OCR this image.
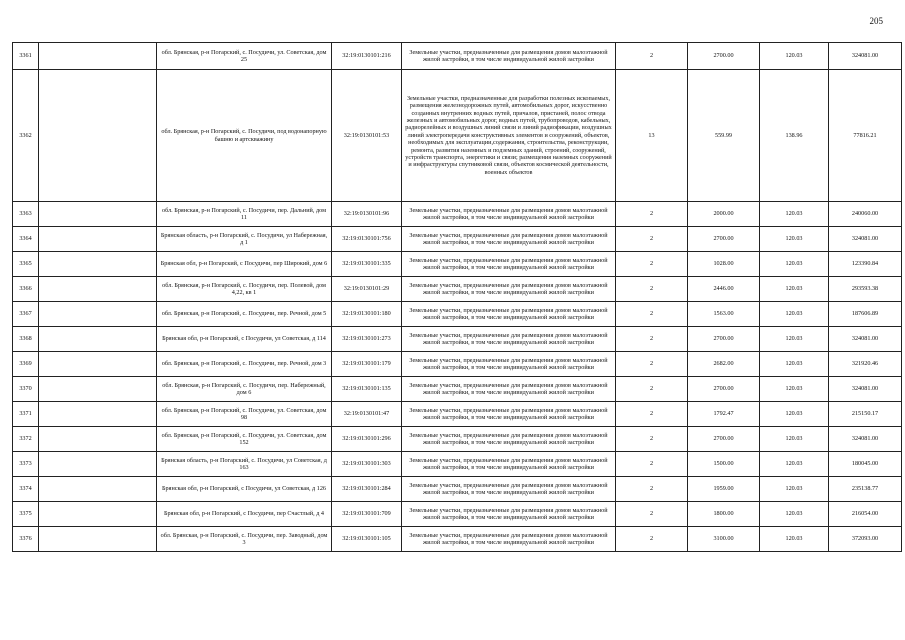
205
3361		обл. Брянская, р-н Погарский, с. Посудичи, ул. Советская, дом 25	32:19:0130101:216	Земельные участки, предназначенные для размещения домов малоэтажной жилой застройки, в том числе индивидуальной жилой застройки	2	2700.00	120.03	324081.00
3362		обл. Брянская, р-н Погарский, с. Посудичи, под водонапорную башню и артскважину	32:19:0130101:53	Земельные участки, предназначенные для разработки полезных ископаемых, размещения железнодорожных путей, автомобильных дорог, искусственно созданных внутренних водных путей, причалов, пристаней, полос отвода железных и автомобильных дорог, водных путей, трубопроводов, кабельных, радиорелейных и воздушных линий связи и линий радиофикации, воздушных линий электропередачи конструктивных элементов и сооружений, объектов, необходимых для эксплуатации,содержания, строительства, реконструкции, ремонта, развития наземных и подземных зданий, строений, сооружений, устройств транспорта, энергетики и связи; размещения наземных сооружений и инфраструктуры спутниковой связи, объектов космической деятельности, военных объектов	13	559.99	138.96	77816.21
3363		обл. Брянская, р-н Погарский, с. Посудичи, пер. Дальний, дом 11	32:19:0130101:96	Земельные участки, предназначенные для размещения домов малоэтажной жилой застройки, в том числе индивидуальной жилой застройки	2	2000.00	120.03	240060.00
3364		Брянская область, р-н Погарский, с. Посудичи, ул Набережная, д 1	32:19:0130101:756	Земельные участки, предназначенные для размещения домов малоэтажной жилой застройки, в том числе индивидуальной жилой застройки	2	2700.00	120.03	324081.00
3365		Брянская обл, р-н Погарский, с Посудичи, пер Широкий, дом 6	32:19:0130101:335	Земельные участки, предназначенные для размещения домов малоэтажной жилой застройки, в том числе индивидуальной жилой застройки	2	1028.00	120.03	123390.84
3366		обл. Брянская, р-н Погарский, с. Посудичи, пер. Полевой, дом 4,22, кв 1	32:19:0130101:29	Земельные участки, предназначенные для размещения домов малоэтажной жилой застройки, в том числе индивидуальной жилой застройки	2	2446.00	120.03	293593.38
3367		обл. Брянская, р-н Погарский, с. Посудичи, пер. Речной, дом 5	32:19:0130101:180	Земельные участки, предназначенные для размещения домов малоэтажной жилой застройки, в том числе индивидуальной жилой застройки	2	1563.00	120.03	187606.89
3368		Брянская обл, р-н Погарский, с Посудичи, ул Советская, д 114	32:19:0130101:273	Земельные участки, предназначенные для размещения домов малоэтажной жилой застройки, в том числе индивидуальной жилой застройки	2	2700.00	120.03	324081.00
3369		обл. Брянская, р-н Погарский, с. Посудичи, пер. Речной, дом 3	32:19:0130101:179	Земельные участки, предназначенные для размещения домов малоэтажной жилой застройки, в том числе индивидуальной жилой застройки	2	2682.00	120.03	321920.46
3370		обл. Брянская, р-н Погарский, с. Посудичи, пер. Набережный, дом 6	32:19:0130101:135	Земельные участки, предназначенные для размещения домов малоэтажной жилой застройки, в том числе индивидуальной жилой застройки	2	2700.00	120.03	324081.00
3371		обл. Брянская, р-н Погарский, с. Посудичи, ул. Советская, дом 98	32:19:0130101:47	Земельные участки, предназначенные для размещения домов малоэтажной жилой застройки, в том числе индивидуальной жилой застройки	2	1792.47	120.03	215150.17
3372		обл. Брянская, р-н Погарский, с. Посудичи, ул. Советская, дом 152	32:19:0130101:296	Земельные участки, предназначенные для размещения домов малоэтажной жилой застройки, в том числе индивидуальной жилой застройки	2	2700.00	120.03	324081.00
3373		Брянская область, р-н Погарский, с. Посудичи, ул Советская, д 163	32:19:0130101:303	Земельные участки, предназначенные для размещения домов малоэтажной жилой застройки, в том числе индивидуальной жилой застройки	2	1500.00	120.03	180045.00
3374		Брянская обл, р-н Погарский, с Посудичи, ул Советская, д 126	32:19:0130101:284	Земельные участки, предназначенные для размещения домов малоэтажной жилой застройки, в том числе индивидуальной жилой застройки	2	1959.00	120.03	235138.77
3375		Брянская обл, р-н Погарский, с Посудичи, пер Счастлый, д 4	32:19:0130101:709	Земельные участки, предназначенные для размещения домов малоэтажной жилой застройки, в том числе индивидуальной жилой застройки	2	1800.00	120.03	216054.00
3376		обл. Брянская, р-н Погарский, с. Посудичи, пер. Заводный, дом 3	32:19:0130101:105	Земельные участки, предназначенные для размещения домов малоэтажной жилой застройки, в том числе индивидуальной жилой застройки	2	3100.00	120.03	372093.00
